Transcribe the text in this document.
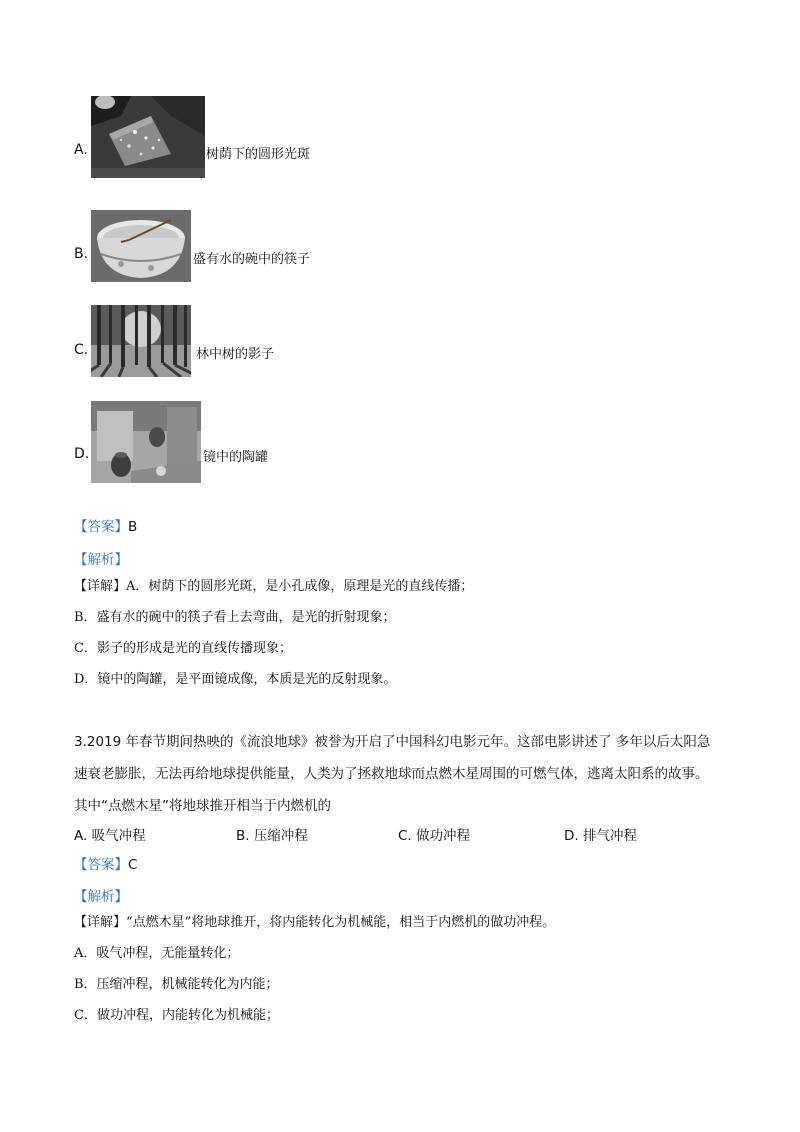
A.	树荫下的圆形光斑
B.	盛有水的碗中的筷子
C.	林中树的影子
D.	镜中的陶罐
【答案】B
【解析】
【详解】A．树荫下的圆形光斑，是小孔成像，原理是光的直线传播；
B．盛有水的碗中的筷子看上去弯曲，是光的折射现象；
C．影子的形成是光的直线传播现象；
D．镜中的陶罐，是平面镜成像，本质是光的反射现象。
3.2019 年春节期间热映的《流浪地球》被誉为开启了中国科幻电影元年。这部电影讲述了 多年以后太阳急
速衰老膨胀，无法再给地球提供能量，人类为了拯救地球而点燃木星周围的可燃气体，逃离太阳系的故事。
其中“点燃木星”将地球推开相当于内燃机的
A. 吸气冲程	B. 压缩冲程	C. 做功冲程	D. 排气冲程
【答案】C
【解析】
【详解】“点燃木星”将地球推开，将内能转化为机械能，相当于内燃机的做功冲程。
A．吸气冲程，无能量转化；
B．压缩冲程，机械能转化为内能；
C．做功冲程，内能转化为机械能；
